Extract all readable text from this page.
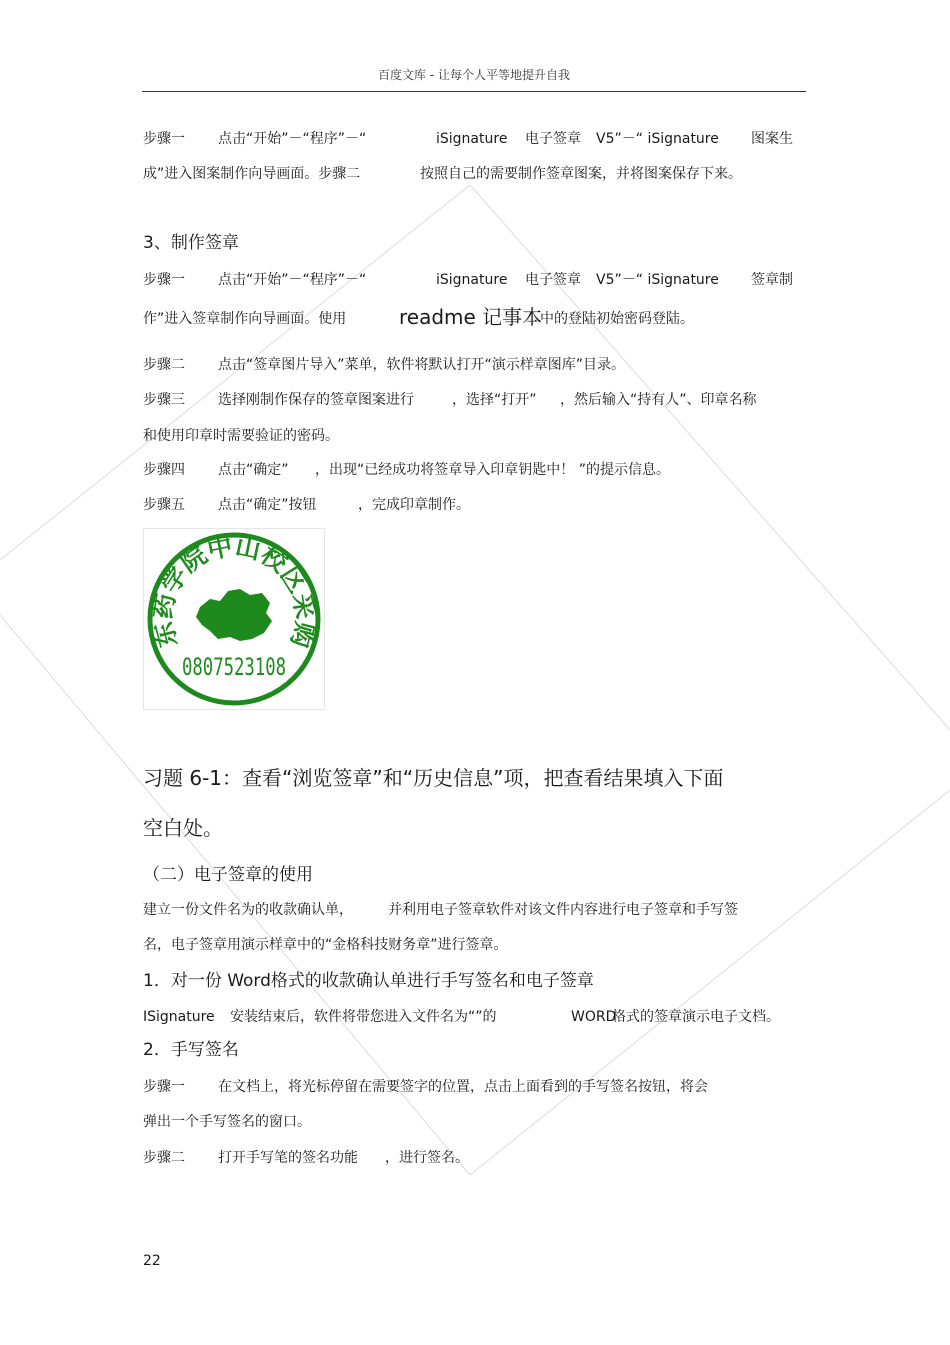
百度文库 - 让每个人平等地提升自我
步骤一 点击“开始”－“程序”－“	iSignature 电子签章 V5”－“ iSignature 图案生
成”进入图案制作向导画面。步骤二	按照自己的需要制作签章图案，并将图案保存下来。
3、制作签章
步骤一 点击“开始”－“程序”－“	iSignature 电子签章 V5”－“ iSignature 签章制
作”进入签章制作向导画面。使用	readme 记事本
中的登陆初始密码登陆。
步骤二 点击“签章图片导入”菜单，软件将默认打开“演示样章图库”目录。
步骤三 选择刚制作保存的签章图案进行	，选择“打开” ，然后输入“持有人”、印章名称
和使用印章时需要验证的密码。
步骤四 点击“确定” ，出现“已经成功将签章导入印章钥匙中！ ”的提示信息。
步骤五 点击“确定”按钮	，完成印章制作。
东药学院中山校区采购
0807523108
习题 6-1：查看“浏览签章”和“历史信息”项，把查看结果填入下面
空白处。
（二）电子签章的使用
建立一份文件名为的收款确认单，	并利用电子签章软件对该文件内容进行电子签章和手写签
名，电子签章用演示样章中的“金格科技财务章”进行签章。
1．对一份 Word格式的收款确认单进行手写签名和电子签章
ISignature 安装结束后，软件将带您进入文件名为“”的	WORD
格式的签章演示电子文档。
2．手写签名
步骤一 在文档上，将光标停留在需要签字的位置，点击上面看到的手写签名按钮，将会
弹出一个手写签名的窗口。
步骤二 打开手写笔的签名功能 ，进行签名。
22
